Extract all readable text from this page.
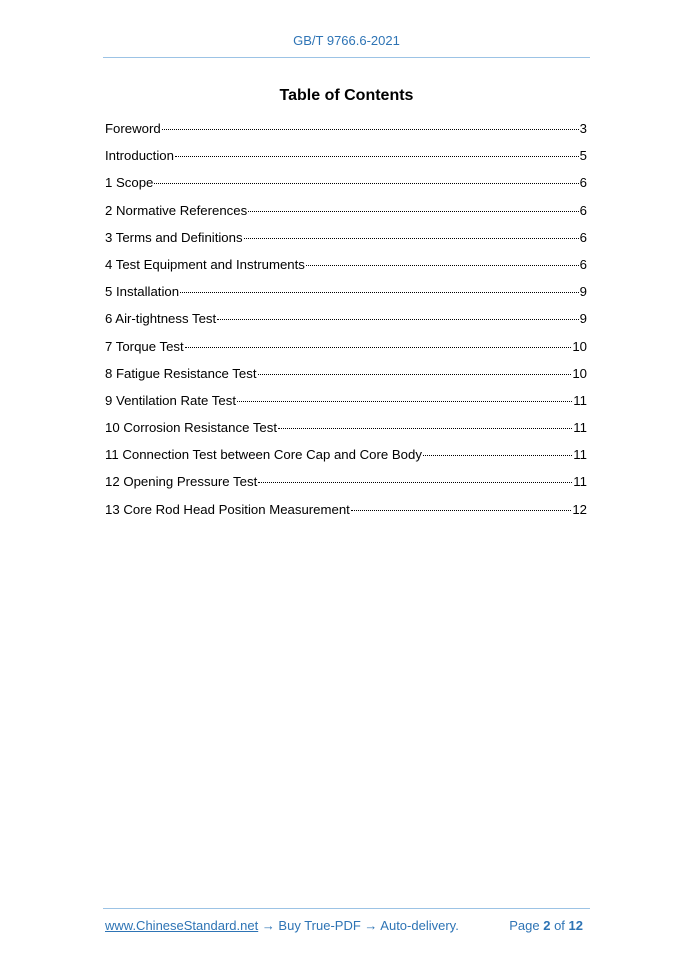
GB/T 9766.6-2021
Table of Contents
Foreword	3
Introduction	5
1 Scope	6
2 Normative References	6
3 Terms and Definitions	6
4 Test Equipment and Instruments	6
5 Installation	9
6 Air-tightness Test	9
7 Torque Test	10
8 Fatigue Resistance Test	10
9 Ventilation Rate Test	11
10 Corrosion Resistance Test	11
11 Connection Test between Core Cap and Core Body	11
12 Opening Pressure Test	11
13 Core Rod Head Position Measurement	12
www.ChineseStandard.net → Buy True-PDF → Auto-delivery.	Page 2 of 12
